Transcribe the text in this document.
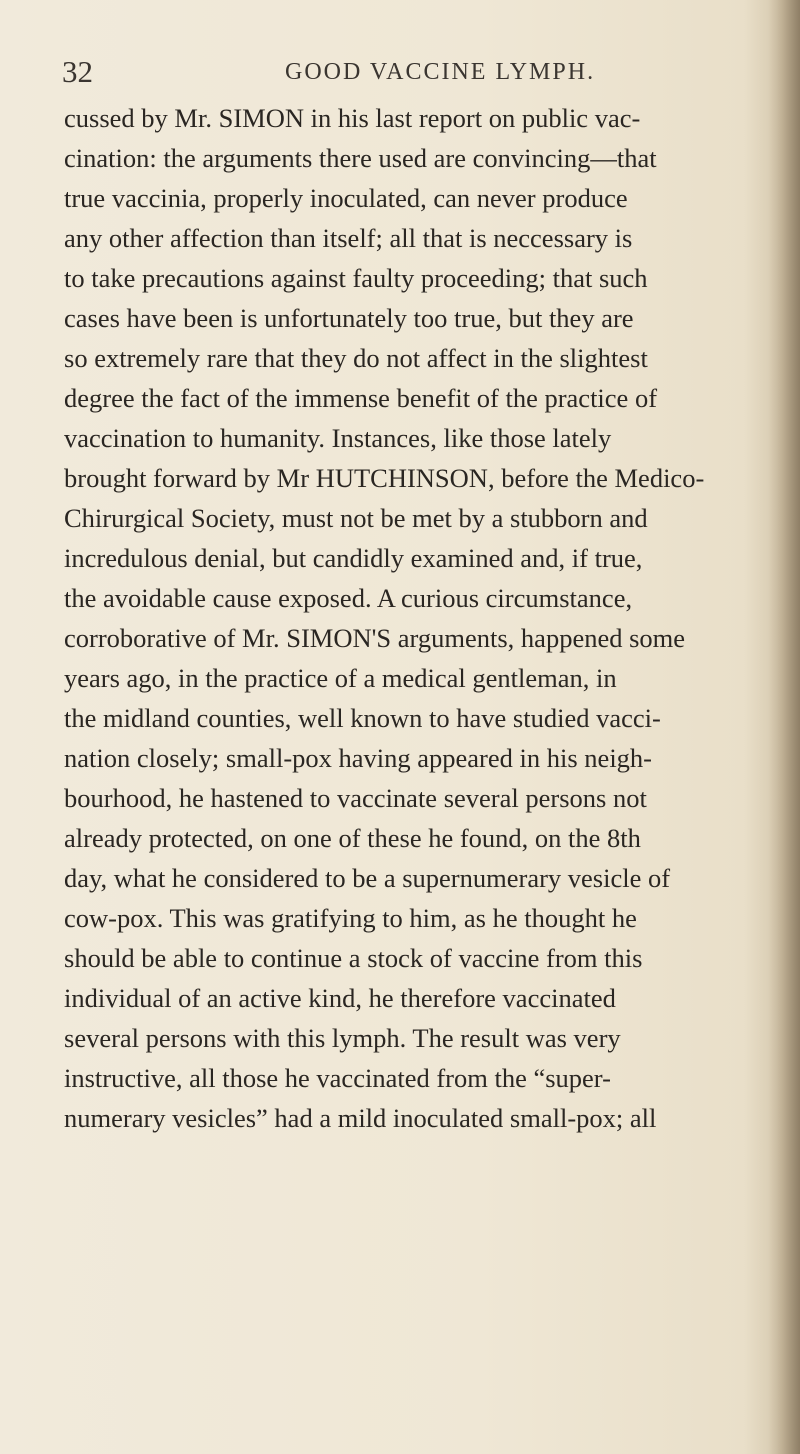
32	GOOD VACCINE LYMPH.
cussed by Mr. SIMON in his last report on public vac-
cination: the arguments there used are convincing—that
true vaccinia, properly inoculated, can never produce
any other affection than itself; all that is neccessary is
to take precautions against faulty proceeding; that such
cases have been is unfortunately too true, but they are
so extremely rare that they do not affect in the slightest
degree the fact of the immense benefit of the practice of
vaccination to humanity. Instances, like those lately
brought forward by Mr HUTCHINSON, before the Medico-
Chirurgical Society, must not be met by a stubborn and
incredulous denial, but candidly examined and, if true,
the avoidable cause exposed. A curious circumstance,
corroborative of Mr. SIMON'S arguments, happened some
years ago, in the practice of a medical gentleman, in
the midland counties, well known to have studied vacci-
nation closely; small-pox having appeared in his neigh-
bourhood, he hastened to vaccinate several persons not
already protected, on one of these he found, on the 8th
day, what he considered to be a supernumerary vesicle of
cow-pox. This was gratifying to him, as he thought he
should be able to continue a stock of vaccine from this
individual of an active kind, he therefore vaccinated
several persons with this lymph. The result was very
instructive, all those he vaccinated from the “super-
numerary vesicles” had a mild inoculated small-pox; all
